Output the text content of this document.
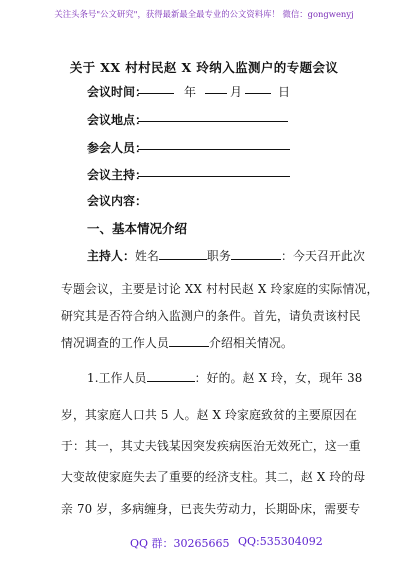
关注头条号"公文研究"，获得最新最全最专业的公文资料库！ 微信：gongwenyj
关于 XX 村村民赵 X 玲纳入监测户的专题会议
会议时间：	年	月	日
会议地点：
参会人员：
会议主持：
会议内容：
一、基本情况介绍
主持人：姓名	职务	：今天召开此次
专题会议，主要是讨论 XX 村村民赵 X 玲家庭的实际情况，
研究其是否符合纳入监测户的条件。首先，请负责该村民
情况调查的工作人员	介绍相关情况。
1.工作人员	：好的。赵 X 玲，女，现年 38
岁，其家庭人口共 5 人。赵 X 玲家庭致贫的主要原因在
于：其一，其丈夫钱某因突发疾病医治无效死亡，这一重
大变故使家庭失去了重要的经济支柱。其二，赵 X 玲的母
亲 70 岁，多病缠身，已丧失劳动力，长期卧床，需要专
QQ 群：30265665 QQ:535304092
